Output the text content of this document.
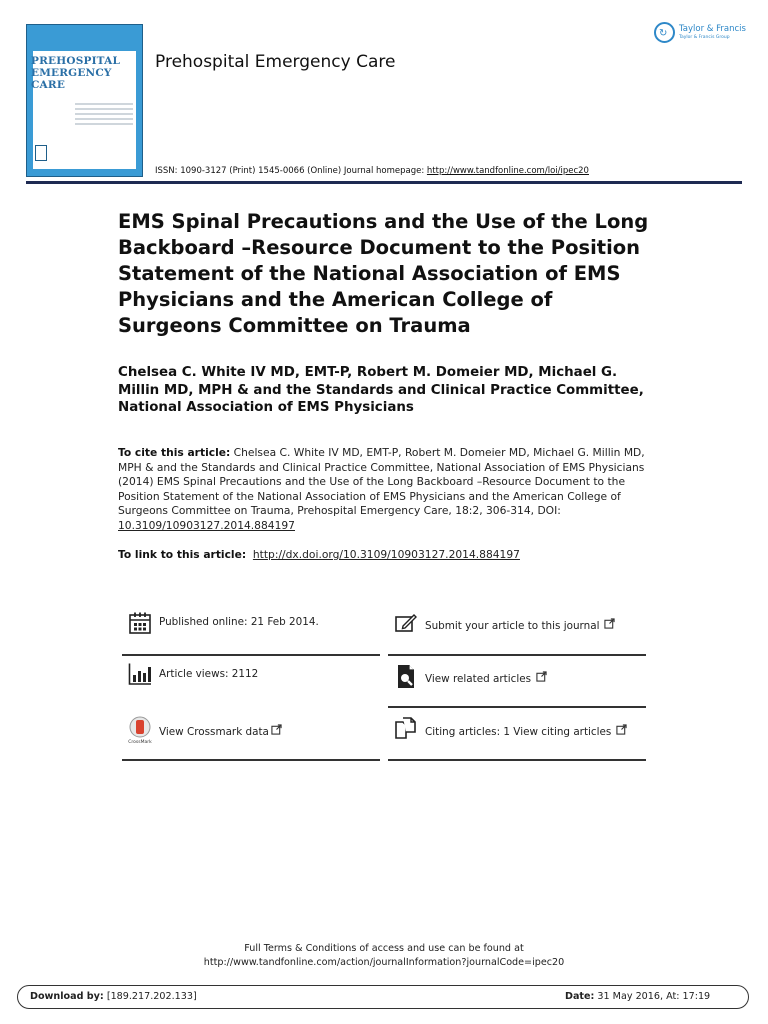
PREHOSPITAL
EMERGENCY CARE
Prehospital Emergency Care
↻ Taylor & Francis
Taylor & Francis Group
ISSN: 1090-3127 (Print) 1545-0066 (Online) Journal homepage: http://www.tandfonline.com/loi/ipec20
EMS Spinal Precautions and the Use of the Long Backboard –Resource Document to the Position Statement of the National Association of EMS Physicians and the American College of Surgeons Committee on Trauma
Chelsea C. White IV MD, EMT-P, Robert M. Domeier MD, Michael G. Millin MD, MPH & and the Standards and Clinical Practice Committee, National Association of EMS Physicians
To cite this article: Chelsea C. White IV MD, EMT-P, Robert M. Domeier MD, Michael G. Millin MD, MPH & and the Standards and Clinical Practice Committee, National Association of EMS Physicians (2014) EMS Spinal Precautions and the Use of the Long Backboard –Resource Document to the Position Statement of the National Association of EMS Physicians and the American College of Surgeons Committee on Trauma, Prehospital Emergency Care, 18:2, 306-314, DOI: 10.3109/10903127.2014.884197
To link to this article: http://dx.doi.org/10.3109/10903127.2014.884197
Published online: 21 Feb 2014.	Submit your article to this journal
Article views: 2112	View related articles
CrossMark
View Crossmark data	Citing articles: 1 View citing articles
Full Terms & Conditions of access and use can be found at
http://www.tandfonline.com/action/journalInformation?journalCode=ipec20
Download by: [189.217.202.133]	Date: 31 May 2016, At: 17:19
